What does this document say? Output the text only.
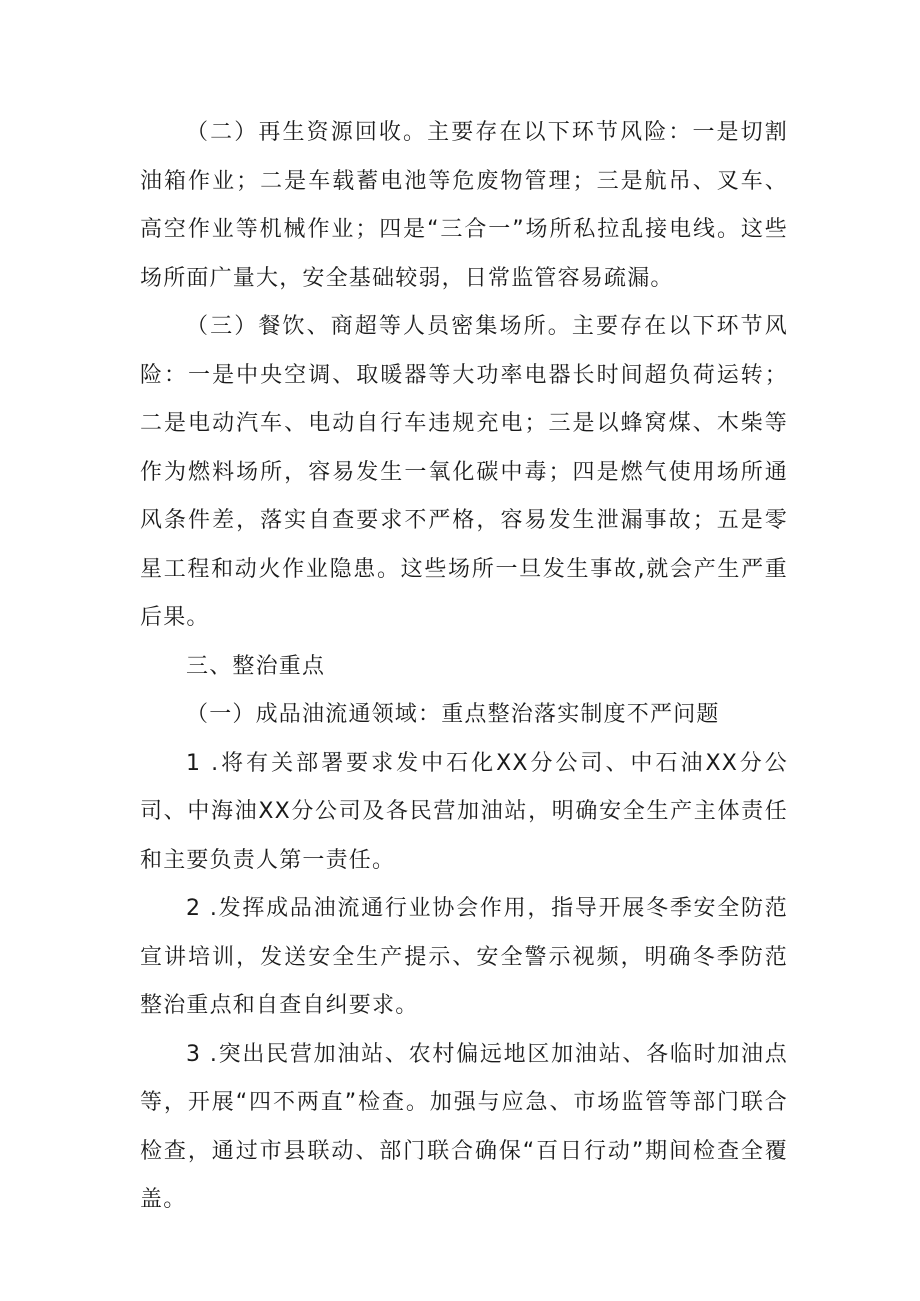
（二）再生资源回收。主要存在以下环节风险：一是切割油箱作业；二是车载蓄电池等危废物管理；三是航吊、叉车、高空作业等机械作业；四是“三合一”场所私拉乱接电线。这些场所面广量大，安全基础较弱，日常监管容易疏漏。

（三）餐饮、商超等人员密集场所。主要存在以下环节风险：一是中央空调、取暖器等大功率电器长时间超负荷运转；二是电动汽车、电动自行车违规充电；三是以蜂窝煤、木柴等作为燃料场所，容易发生一氧化碳中毒；四是燃气使用场所通风条件差，落实自查要求不严格，容易发生泄漏事故；五是零星工程和动火作业隐患。这些场所一旦发生事故,就会产生严重后果。

三、整治重点

（一）成品油流通领域：重点整治落实制度不严问题

1 .将有关部署要求发中石化XX分公司、中石油XX分公司、中海油XX分公司及各民营加油站，明确安全生产主体责任和主要负责人第一责任。

2 .发挥成品油流通行业协会作用，指导开展冬季安全防范宣讲培训，发送安全生产提示、安全警示视频，明确冬季防范整治重点和自查自纠要求。

3 .突出民营加油站、农村偏远地区加油站、各临时加油点等，开展“四不两直”检查。加强与应急、市场监管等部门联合检查，通过市县联动、部门联合确保“百日行动”期间检查全覆盖。
